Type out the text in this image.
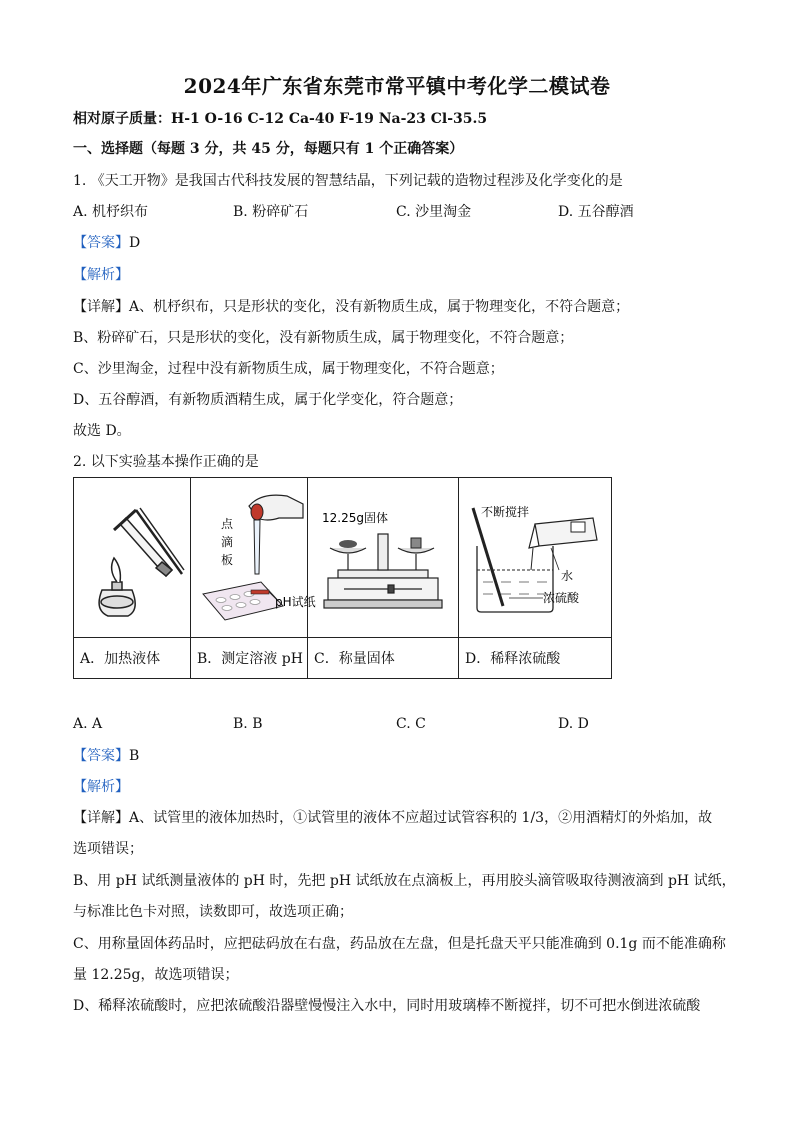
2024年广东省东莞市常平镇中考化学二模试卷
相对原子质量：H-1 O-16 C-12 Ca-40 F-19 Na-23 Cl-35.5
一、选择题（每题 3 分，共 45 分，每题只有 1 个正确答案）
1. 《天工开物》是我国古代科技发展的智慧结晶，下列记载的造物过程涉及化学变化的是
A. 机杼织布	B. 粉碎矿石	C. 沙里淘金	D. 五谷醇酒
【答案】D
【解析】
【详解】A、机杼织布，只是形状的变化，没有新物质生成，属于物理变化，不符合题意；
B、粉碎矿石，只是形状的变化，没有新物质生成，属于物理变化，不符合题意；
C、沙里淘金，过程中没有新物质生成，属于物理变化，不符合题意；
D、五谷醇酒，有新物质酒精生成，属于化学变化，符合题意；
故选 D。
2. 以下实验基本操作正确的是

点
滴
板
pH试纸	12.25g固体	不断搅拌
水
浓硫酸

A．加热液体	B．测定溶液 pH	C．称量固体	D．稀释浓硫酸
A. A	B. B	C. C	D. D
【答案】B
【解析】
【详解】A、试管里的液体加热时，①试管里的液体不应超过试管容积的 1/3，②用酒精灯的外焰加，故
选项错误；
B、用 pH 试纸测量液体的 pH 时，先把 pH 试纸放在点滴板上，再用胶头滴管吸取待测液滴到 pH 试纸，
与标准比色卡对照，读数即可，故选项正确；
C、用称量固体药品时，应把砝码放在右盘，药品放在左盘，但是托盘天平只能准确到 0.1g 而不能准确称
量 12.25g，故选项错误；
D、稀释浓硫酸时，应把浓硫酸沿器壁慢慢注入水中，同时用玻璃棒不断搅拌，切不可把水倒进浓硫酸
